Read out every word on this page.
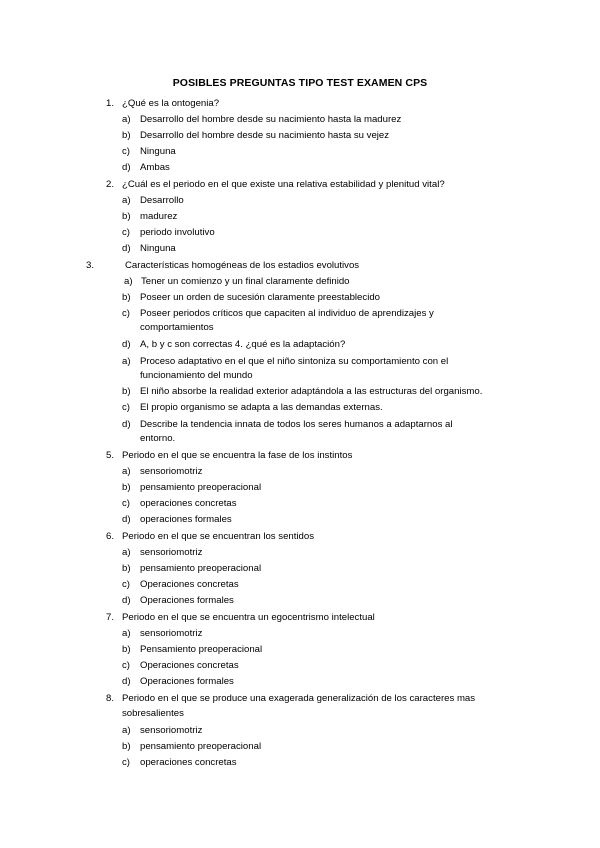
POSIBLES PREGUNTAS TIPO TEST EXAMEN CPS
1. ¿Qué es la ontogenia?
a) Desarrollo del hombre desde su nacimiento hasta la madurez
b) Desarrollo del hombre desde su nacimiento hasta su vejez
c) Ninguna
d) Ambas
2. ¿Cuál es el periodo en el que existe una relativa estabilidad y plenitud vital?
a) Desarrollo
b) madurez
c) periodo involutivo
d) Ninguna
3.	Características homogéneas de los estadios evolutivos
a) Tener un comienzo y un final claramente definido
b) Poseer un orden de sucesión claramente preestablecido
c) Poseer periodos críticos que capaciten al individuo de aprendizajes y
comportamientos
d) A, b y c son correctas 4. ¿qué es la adaptación?
a) Proceso adaptativo en el que el niño sintoniza su comportamiento con el
funcionamiento del mundo
b) El niño absorbe la realidad exterior adaptándola a las estructuras del organismo.
c) El propio organismo se adapta a las demandas externas.
d) Describe la tendencia innata de todos los seres humanos a adaptarnos al
entorno.
5. Periodo en el que se encuentra la fase de los instintos
a) sensoriomotriz
b) pensamiento preoperacional
c) operaciones concretas
d) operaciones formales
6. Periodo en el que se encuentran los sentidos
a) sensoriomotriz
b) pensamiento preoperacional
c) Operaciones concretas
d) Operaciones formales
7. Periodo en el que se encuentra un egocentrismo intelectual
a) sensoriomotriz
b) Pensamiento preoperacional
c) Operaciones concretas
d) Operaciones formales
8. Periodo en el que se produce una exagerada generalización de los caracteres mas
sobresalientes
a) sensoriomotriz
b) pensamiento preoperacional
c) operaciones concretas
